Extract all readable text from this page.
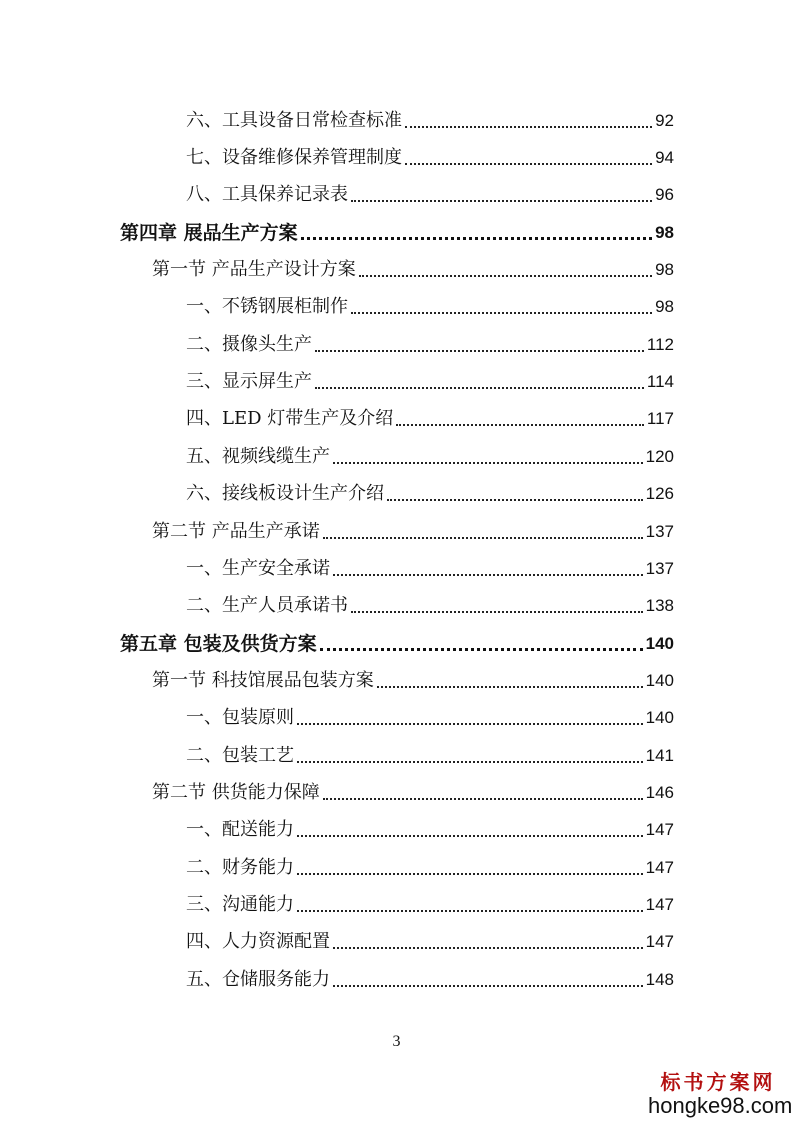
六、工具设备日常检查标准	92
七、设备维修保养管理制度	94
八、工具保养记录表	96
第四章 展品生产方案	98
第一节 产品生产设计方案	98
一、不锈钢展柜制作	98
二、摄像头生产	112
三、显示屏生产	114
四、LED 灯带生产及介绍	117
五、视频线缆生产	120
六、接线板设计生产介绍	126
第二节 产品生产承诺	137
一、生产安全承诺	137
二、生产人员承诺书	138
第五章 包装及供货方案	140
第一节 科技馆展品包装方案	140
一、包装原则	140
二、包装工艺	141
第二节 供货能力保障	146
一、配送能力	147
二、财务能力	147
三、沟通能力	147
四、人力资源配置	147
五、仓储服务能力	148
3
标书方案网
hongke98.com
